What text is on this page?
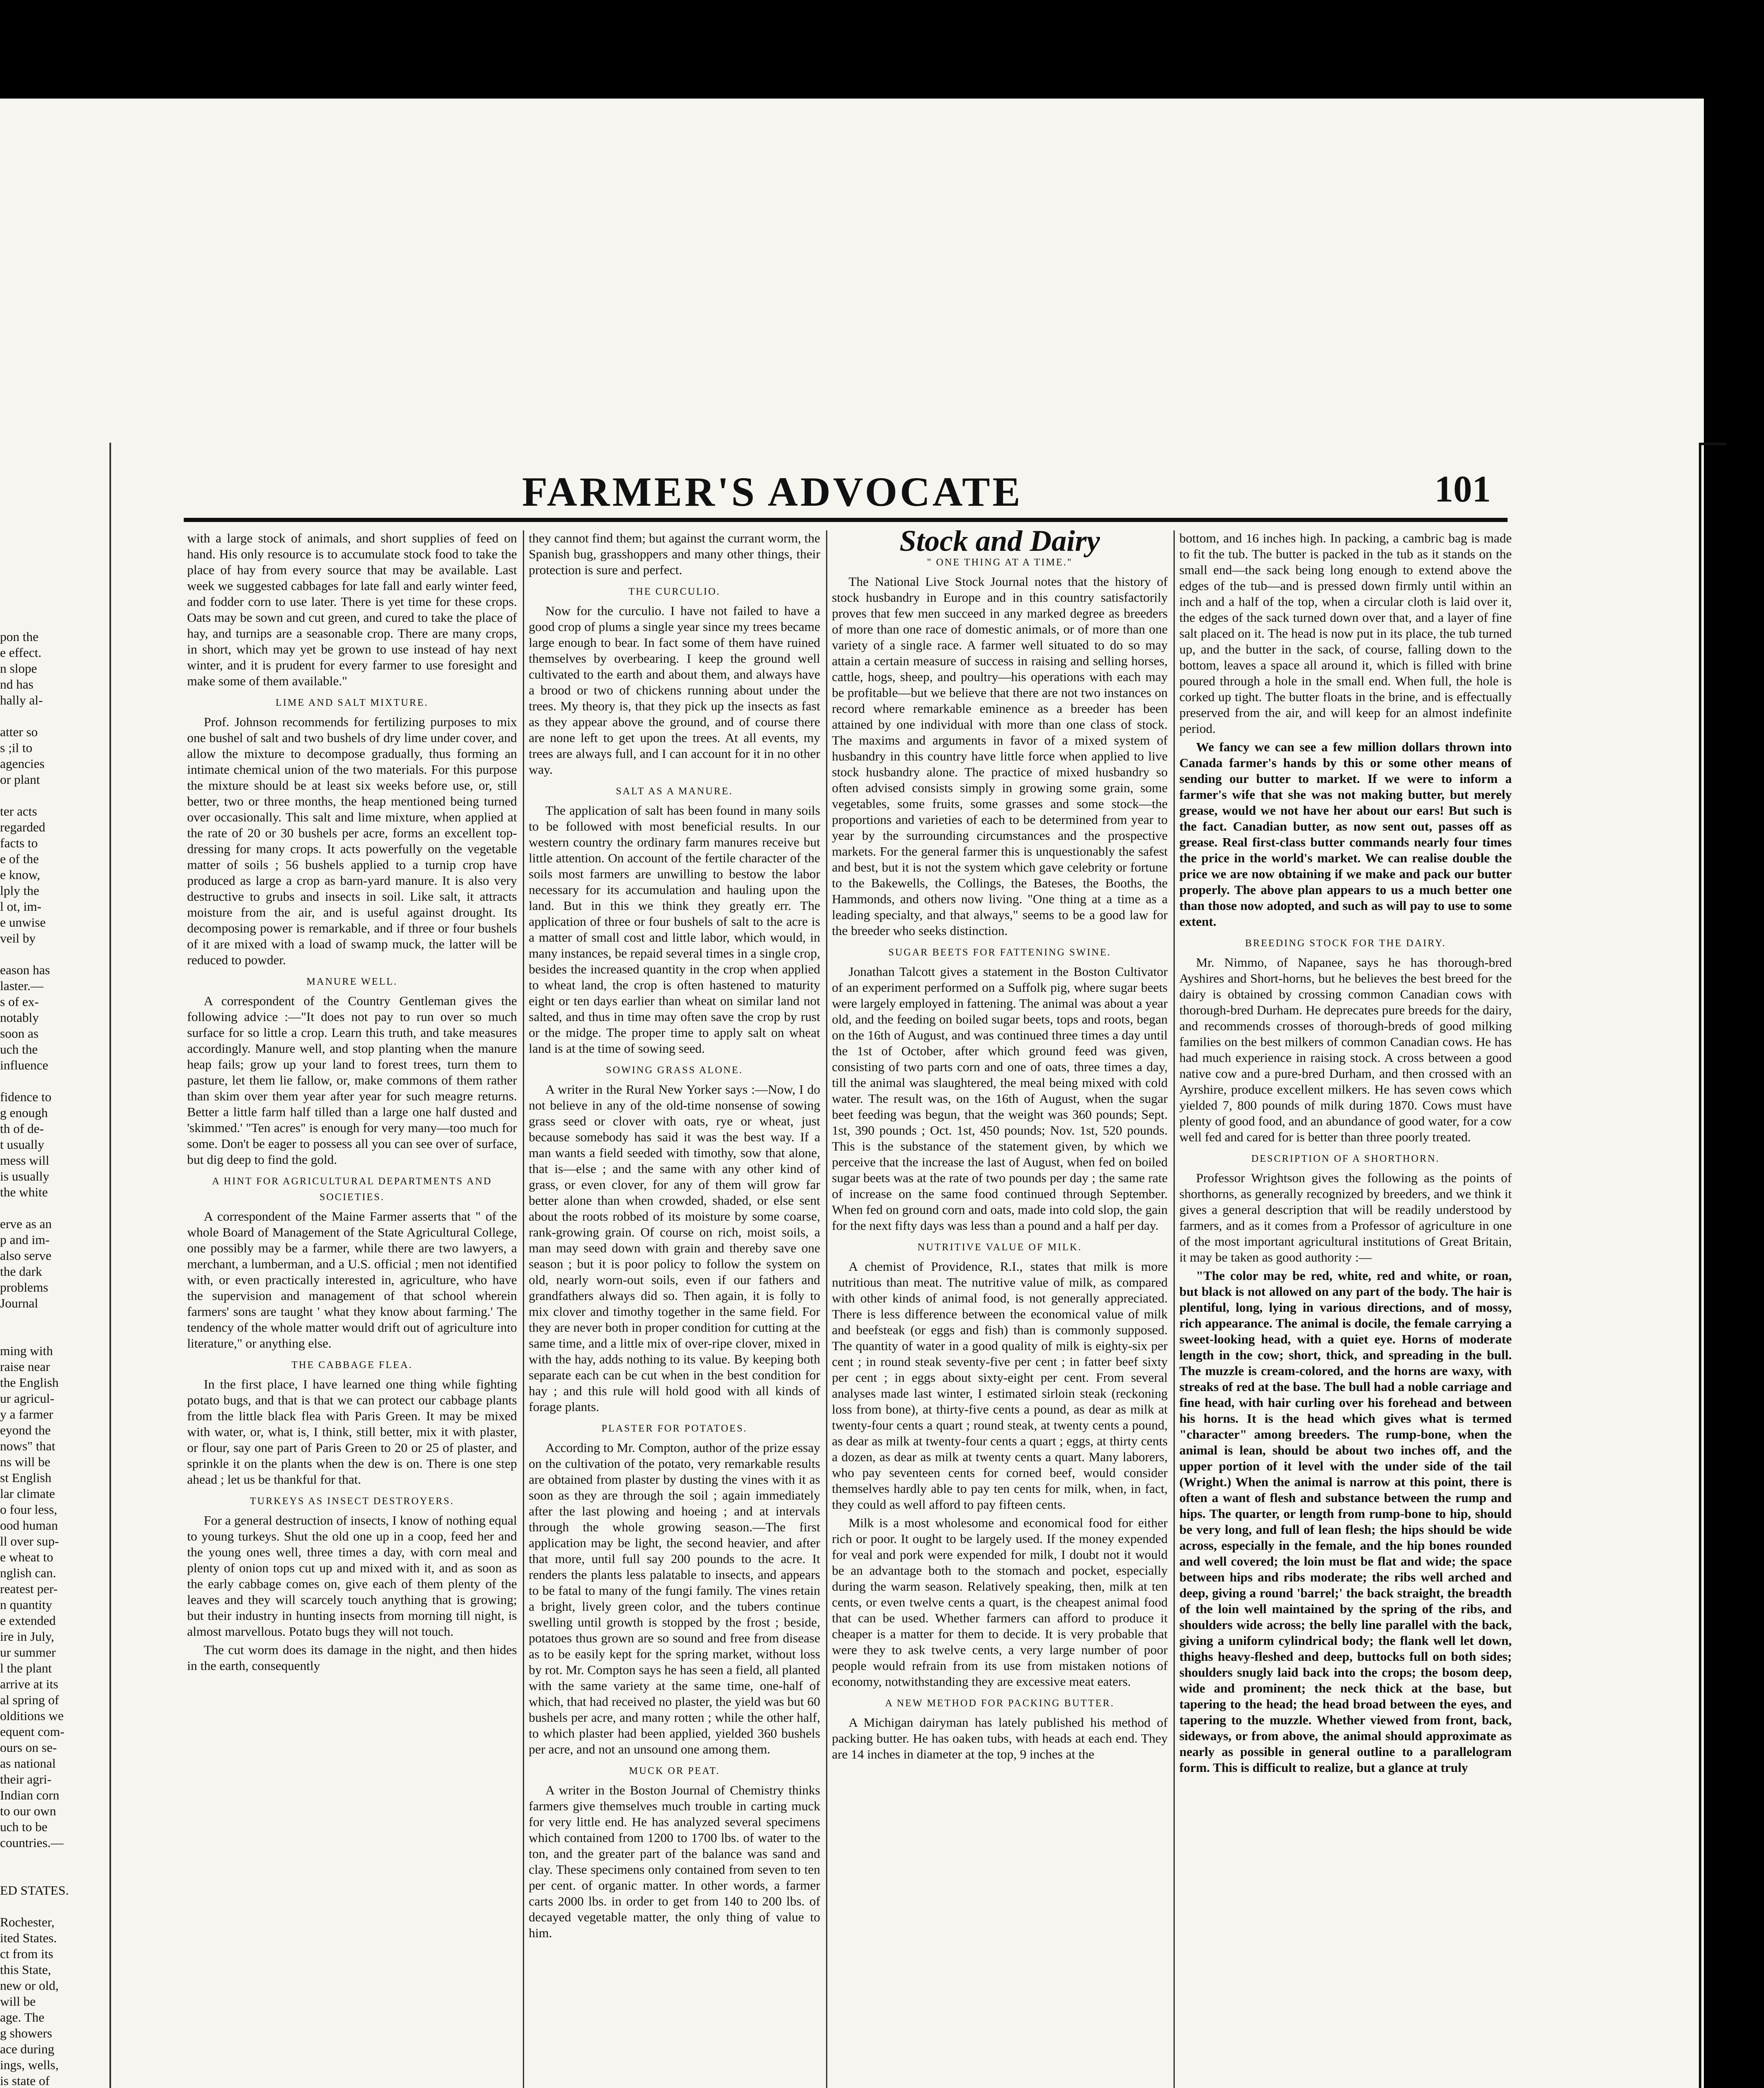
pon the
e effect.
n slope
nd has
hally al-

atter so
s ;il to
agencies
or plant

ter acts
regarded
facts to
e of the
e know,
lply the
l ot, im-
e unwise
veil by

eason has
laster.—
s of ex-
notably
soon as
uch the
influence

fidence to
g enough
th of de-
t usually
mess will
is usually
the white

erve as an
p and im-
also serve
the dark
problems
Journal

ming with
raise near
the English
ur agricul-
y a farmer
eyond the
nows" that
ns will be
st English
lar climate
o four less,
ood human
ll over sup-
e wheat to
nglish can.
reatest per-
n quantity
e extended
ire in July,
ur summer
l the plant
arrive at its
al spring of
olditions we
equent com-
ours on se-
as national
their agri-
Indian corn
to our own
uch to be
countries.—

ED STATES.

Rochester,
ited States.
ct from its
this State,
new or old,
will be
age. The
g showers
ace during
ings, wells,
is state of
FARMER'S ADVOCATE	101

with a large stock of animals, and short supplies of feed on hand. His only resource is to accumulate stock food to take the place of hay from every source that may be available. Last week we suggested cabbages for late fall and early winter feed, and fodder corn to use later. There is yet time for these crops. Oats may be sown and cut green, and cured to take the place of hay, and turnips are a seasonable crop. There are many crops, in short, which may yet be grown to use instead of hay next winter, and it is prudent for every farmer to use foresight and make some of them available."

LIME AND SALT MIXTURE.

Prof. Johnson recommends for fertilizing purposes to mix one bushel of salt and two bushels of dry lime under cover, and allow the mixture to decompose gradually, thus forming an intimate chemical union of the two materials. For this purpose the mixture should be at least six weeks before use, or, still better, two or three months, the heap mentioned being turned over occasionally. This salt and lime mixture, when applied at the rate of 20 or 30 bushels per acre, forms an excellent top-dressing for many crops. It acts powerfully on the vegetable matter of soils ; 56 bushels applied to a turnip crop have produced as large a crop as barn-yard manure. It is also very destructive to grubs and insects in soil. Like salt, it attracts moisture from the air, and is useful against drought. Its decomposing power is remarkable, and if three or four bushels of it are mixed with a load of swamp muck, the latter will be reduced to powder.

MANURE WELL.

A correspondent of the Country Gentleman gives the following advice :—"It does not pay to run over so much surface for so little a crop. Learn this truth, and take measures accordingly. Manure well, and stop planting when the manure heap fails; grow up your land to forest trees, turn them to pasture, let them lie fallow, or, make commons of them rather than skim over them year after year for such meagre returns. Better a little farm half tilled than a large one half dusted and 'skimmed.' "Ten acres" is enough for very many—too much for some. Don't be eager to possess all you can see over of surface, but dig deep to find the gold.

A HINT FOR AGRICULTURAL DEPARTMENTS AND SOCIETIES.

A correspondent of the Maine Farmer asserts that " of the whole Board of Management of the State Agricultural College, one possibly may be a farmer, while there are two lawyers, a merchant, a lumberman, and a U.S. official ; men not identified with, or even practically interested in, agriculture, who have the supervision and management of that school wherein farmers' sons are taught ' what they know about farming.' The tendency of the whole matter would drift out of agriculture into literature," or anything else.

THE CABBAGE FLEA.

In the first place, I have learned one thing while fighting potato bugs, and that is that we can protect our cabbage plants from the little black flea with Paris Green. It may be mixed with water, or, what is, I think, still better, mix it with plaster, or flour, say one part of Paris Green to 20 or 25 of plaster, and sprinkle it on the plants when the dew is on. There is one step ahead ; let us be thankful for that.

TURKEYS AS INSECT DESTROYERS.

For a general destruction of insects, I know of nothing equal to young turkeys. Shut the old one up in a coop, feed her and the young ones well, three times a day, with corn meal and plenty of onion tops cut up and mixed with it, and as soon as the early cabbage comes on, give each of them plenty of the leaves and they will scarcely touch anything that is growing; but their industry in hunting insects from morning till night, is almost marvellous. Potato bugs they will not touch.

The cut worm does its damage in the night, and then hides in the earth, consequently

they cannot find them; but against the currant worm, the Spanish bug, grasshoppers and many other things, their protection is sure and perfect.

THE CURCULIO.

Now for the curculio. I have not failed to have a good crop of plums a single year since my trees became large enough to bear. In fact some of them have ruined themselves by overbearing. I keep the ground well cultivated to the earth and about them, and always have a brood or two of chickens running about under the trees. My theory is, that they pick up the insects as fast as they appear above the ground, and of course there are none left to get upon the trees. At all events, my trees are always full, and I can account for it in no other way.

SALT AS A MANURE.

The application of salt has been found in many soils to be followed with most beneficial results. In our western country the ordinary farm manures receive but little attention. On account of the fertile character of the soils most farmers are unwilling to bestow the labor necessary for its accumulation and hauling upon the land. But in this we think they greatly err. The application of three or four bushels of salt to the acre is a matter of small cost and little labor, which would, in many instances, be repaid several times in a single crop, besides the increased quantity in the crop when applied to wheat land, the crop is often hastened to maturity eight or ten days earlier than wheat on similar land not salted, and thus in time may often save the crop by rust or the midge. The proper time to apply salt on wheat land is at the time of sowing seed.

SOWING GRASS ALONE.

A writer in the Rural New Yorker says :—Now, I do not believe in any of the old-time nonsense of sowing grass seed or clover with oats, rye or wheat, just because somebody has said it was the best way. If a man wants a field seeded with timothy, sow that alone, that is—else ; and the same with any other kind of grass, or even clover, for any of them will grow far better alone than when crowded, shaded, or else sent about the roots robbed of its moisture by some coarse, rank-growing grain. Of course on rich, moist soils, a man may seed down with grain and thereby save one season ; but it is poor policy to follow the system on old, nearly worn-out soils, even if our fathers and grandfathers always did so. Then again, it is folly to mix clover and timothy together in the same field. For they are never both in proper condition for cutting at the same time, and a little mix of over-ripe clover, mixed in with the hay, adds nothing to its value. By keeping both separate each can be cut when in the best condition for hay ; and this rule will hold good with all kinds of forage plants.

PLASTER FOR POTATOES.

According to Mr. Compton, author of the prize essay on the cultivation of the potato, very remarkable results are obtained from plaster by dusting the vines with it as soon as they are through the soil ; again immediately after the last plowing and hoeing ; and at intervals through the whole growing season.—The first application may be light, the second heavier, and after that more, until full say 200 pounds to the acre. It renders the plants less palatable to insects, and appears to be fatal to many of the fungi family. The vines retain a bright, lively green color, and the tubers continue swelling until growth is stopped by the frost ; beside, potatoes thus grown are so sound and free from disease as to be easily kept for the spring market, without loss by rot. Mr. Compton says he has seen a field, all planted with the same variety at the same time, one-half of which, that had received no plaster, the yield was but 60 bushels per acre, and many rotten ; while the other half, to which plaster had been applied, yielded 360 bushels per acre, and not an unsound one among them.

MUCK OR PEAT.

A writer in the Boston Journal of Chemistry thinks farmers give themselves much trouble in carting muck for very little end. He has analyzed several specimens which contained from 1200 to 1700 lbs. of water to the ton, and the greater part of the balance was sand and clay. These specimens only contained from seven to ten per cent. of organic matter. In other words, a farmer carts 2000 lbs. in order to get from 140 to 200 lbs. of decayed vegetable matter, the only thing of value to him.

Stock and Dairy
" ONE THING AT A TIME."

The National Live Stock Journal notes that the history of stock husbandry in Europe and in this country satisfactorily proves that few men succeed in any marked degree as breeders of more than one race of domestic animals, or of more than one variety of a single race. A farmer well situated to do so may attain a certain measure of success in raising and selling horses, cattle, hogs, sheep, and poultry—his operations with each may be profitable—but we believe that there are not two instances on record where remarkable eminence as a breeder has been attained by one individual with more than one class of stock. The maxims and arguments in favor of a mixed system of husbandry in this country have little force when applied to live stock husbandry alone. The practice of mixed husbandry so often advised consists simply in growing some grain, some vegetables, some fruits, some grasses and some stock—the proportions and varieties of each to be determined from year to year by the surrounding circumstances and the prospective markets. For the general farmer this is unquestionably the safest and best, but it is not the system which gave celebrity or fortune to the Bakewells, the Collings, the Bateses, the Booths, the Hammonds, and others now living. "One thing at a time as a leading specialty, and that always," seems to be a good law for the breeder who seeks distinction.

SUGAR BEETS FOR FATTENING SWINE.

Jonathan Talcott gives a statement in the Boston Cultivator of an experiment performed on a Suffolk pig, where sugar beets were largely employed in fattening. The animal was about a year old, and the feeding on boiled sugar beets, tops and roots, began on the 16th of August, and was continued three times a day until the 1st of October, after which ground feed was given, consisting of two parts corn and one of oats, three times a day, till the animal was slaughtered, the meal being mixed with cold water. The result was, on the 16th of August, when the sugar beet feeding was begun, that the weight was 360 pounds; Sept. 1st, 390 pounds ; Oct. 1st, 450 pounds; Nov. 1st, 520 pounds. This is the substance of the statement given, by which we perceive that the increase the last of August, when fed on boiled sugar beets was at the rate of two pounds per day ; the same rate of increase on the same food continued through September. When fed on ground corn and oats, made into cold slop, the gain for the next fifty days was less than a pound and a half per day.

NUTRITIVE VALUE OF MILK.

A chemist of Providence, R.I., states that milk is more nutritious than meat. The nutritive value of milk, as compared with other kinds of animal food, is not generally appreciated. There is less difference between the economical value of milk and beefsteak (or eggs and fish) than is commonly supposed. The quantity of water in a good quality of milk is eighty-six per cent ; in round steak seventy-five per cent ; in fatter beef sixty per cent ; in eggs about sixty-eight per cent. From several analyses made last winter, I estimated sirloin steak (reckoning loss from bone), at thirty-five cents a pound, as dear as milk at twenty-four cents a quart ; round steak, at twenty cents a pound, as dear as milk at twenty-four cents a quart ; eggs, at thirty cents a dozen, as dear as milk at twenty cents a quart. Many laborers, who pay seventeen cents for corned beef, would consider themselves hardly able to pay ten cents for milk, when, in fact, they could as well afford to pay fifteen cents.

Milk is a most wholesome and economical food for either rich or poor. It ought to be largely used. If the money expended for veal and pork were expended for milk, I doubt not it would be an advantage both to the stomach and pocket, especially during the warm season. Relatively speaking, then, milk at ten cents, or even twelve cents a quart, is the cheapest animal food that can be used. Whether farmers can afford to produce it cheaper is a matter for them to decide. It is very probable that were they to ask twelve cents, a very large number of poor people would refrain from its use from mistaken notions of economy, notwithstanding they are excessive meat eaters.

A NEW METHOD FOR PACKING BUTTER.

A Michigan dairyman has lately published his method of packing butter. He has oaken tubs, with heads at each end. They are 14 inches in diameter at the top, 9 inches at the

bottom, and 16 inches high. In packing, a cambric bag is made to fit the tub. The butter is packed in the tub as it stands on the small end—the sack being long enough to extend above the edges of the tub—and is pressed down firmly until within an inch and a half of the top, when a circular cloth is laid over it, the edges of the sack turned down over that, and a layer of fine salt placed on it. The head is now put in its place, the tub turned up, and the butter in the sack, of course, falling down to the bottom, leaves a space all around it, which is filled with brine poured through a hole in the small end. When full, the hole is corked up tight. The butter floats in the brine, and is effectually preserved from the air, and will keep for an almost indefinite period.

We fancy we can see a few million dollars thrown into Canada farmer's hands by this or some other means of sending our butter to market. If we were to inform a farmer's wife that she was not making butter, but merely grease, would we not have her about our ears! But such is the fact. Canadian butter, as now sent out, passes off as grease. Real first-class butter commands nearly four times the price in the world's market. We can realise double the price we are now obtaining if we make and pack our butter properly. The above plan appears to us a much better one than those now adopted, and such as will pay to use to some extent.

BREEDING STOCK FOR THE DAIRY.

Mr. Nimmo, of Napanee, says he has thorough-bred Ayshires and Short-horns, but he believes the best breed for the dairy is obtained by crossing common Canadian cows with thorough-bred Durham. He deprecates pure breeds for the dairy, and recommends crosses of thorough-breds of good milking families on the best milkers of common Canadian cows. He has had much experience in raising stock. A cross between a good native cow and a pure-bred Durham, and then crossed with an Ayrshire, produce excellent milkers. He has seven cows which yielded 7, 800 pounds of milk during 1870. Cows must have plenty of good food, and an abundance of good water, for a cow well fed and cared for is better than three poorly treated.

DESCRIPTION OF A SHORTHORN.

Professor Wrightson gives the following as the points of shorthorns, as generally recognized by breeders, and we think it gives a general description that will be readily understood by farmers, and as it comes from a Professor of agriculture in one of the most important agricultural institutions of Great Britain, it may be taken as good authority :—

"The color may be red, white, red and white, or roan, but black is not allowed on any part of the body. The hair is plentiful, long, lying in various directions, and of mossy, rich appearance. The animal is docile, the female carrying a sweet-looking head, with a quiet eye. Horns of moderate length in the cow; short, thick, and spreading in the bull. The muzzle is cream-colored, and the horns are waxy, with streaks of red at the base. The bull had a noble carriage and fine head, with hair curling over his forehead and between his horns. It is the head which gives what is termed "character" among breeders. The rump-bone, when the animal is lean, should be about two inches off, and the upper portion of it level with the under side of the tail (Wright.) When the animal is narrow at this point, there is often a want of flesh and substance between the rump and hips. The quarter, or length from rump-bone to hip, should be very long, and full of lean flesh; the hips should be wide across, especially in the female, and the hip bones rounded and well covered; the loin must be flat and wide; the space between hips and ribs moderate; the ribs well arched and deep, giving a round 'barrel;' the back straight, the breadth of the loin well maintained by the spring of the ribs, and shoulders wide across; the belly line parallel with the back, giving a uniform cylindrical body; the flank well let down, thighs heavy-fleshed and deep, buttocks full on both sides; shoulders snugly laid back into the crops; the bosom deep, wide and prominent; the neck thick at the base, but tapering to the head; the head broad between the eyes, and tapering to the muzzle. Whether viewed from front, back, sideways, or from above, the animal should approximate as nearly as possible in general outline to a parallelogram form. This is difficult to realize, but a glance at truly
